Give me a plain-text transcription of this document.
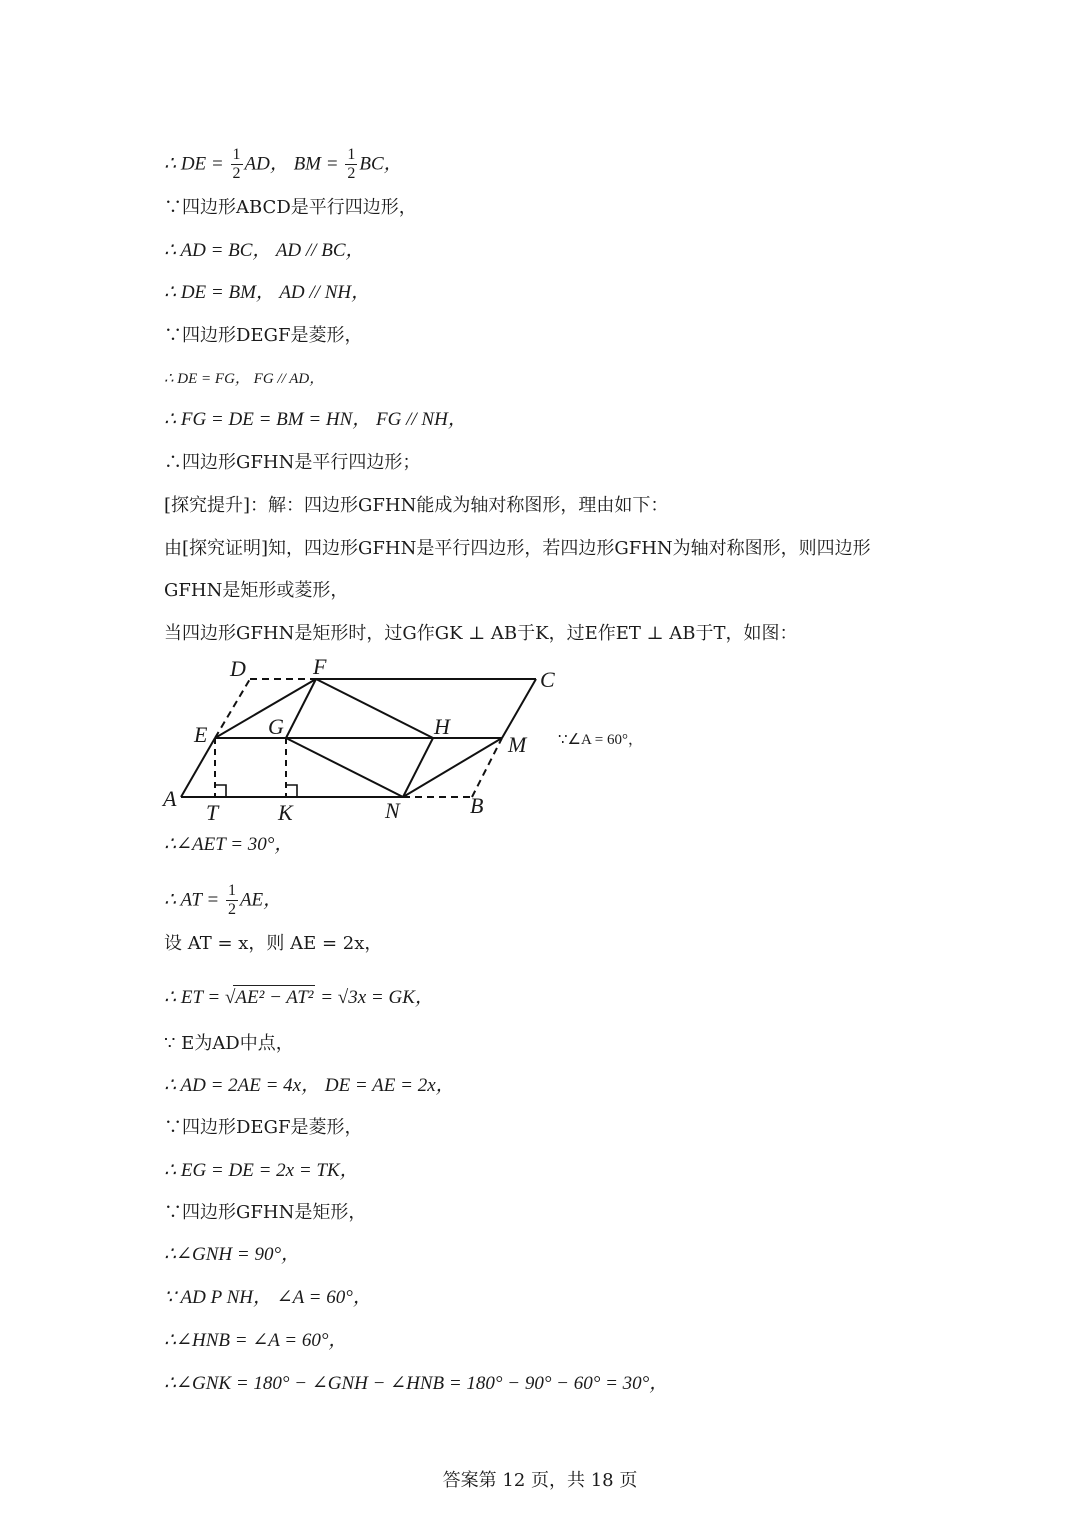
∴ DE = $\frac{1}{2}$ AD， BM = $\frac{1}{2}$ BC，
∵四边形ABCD是平行四边形，
∴ AD = BC， AD // BC，
∴ DE = BM， AD // NH，
∵四边形DEGF是菱形，
∴ DE = FG， FG // AD，
∴ FG = DE = BM = HN， FG // NH，
∴四边形GFHN是平行四边形；
[探究提升]：解：四边形GFHN能成为轴对称图形，理由如下：
由[探究证明]知，四边形GFHN是平行四边形，若四边形GFHN为轴对称图形，则四边形
GFHN是矩形或菱形，
当四边形GFHN是矩形时，过G作GK ⊥ AB于K，过E作ET ⊥ AB于T，如图：
D	F
C
E	G	H
M
A
T	K	N	B
∵∠A = 60°，
∴∠AET = 30°，
∴ AT = $\frac{1}{2}$ AE，
设 AT = x，则 AE = 2x，
∴ ET = √AE² − AT² = √3x = GK，
∵ E为AD中点，
∴ AD = 2AE = 4x， DE = AE = 2x，
∵四边形DEGF是菱形，
∴ EG = DE = 2x = TK，
∵四边形GFHN是矩形，
∴∠GNH = 90°，
∵ AD P NH， ∠A = 60°，
∴∠HNB = ∠A = 60°，
∴∠GNK = 180° − ∠GNH − ∠HNB = 180° − 90° − 60° = 30°，
答案第 12 页，共 18 页
